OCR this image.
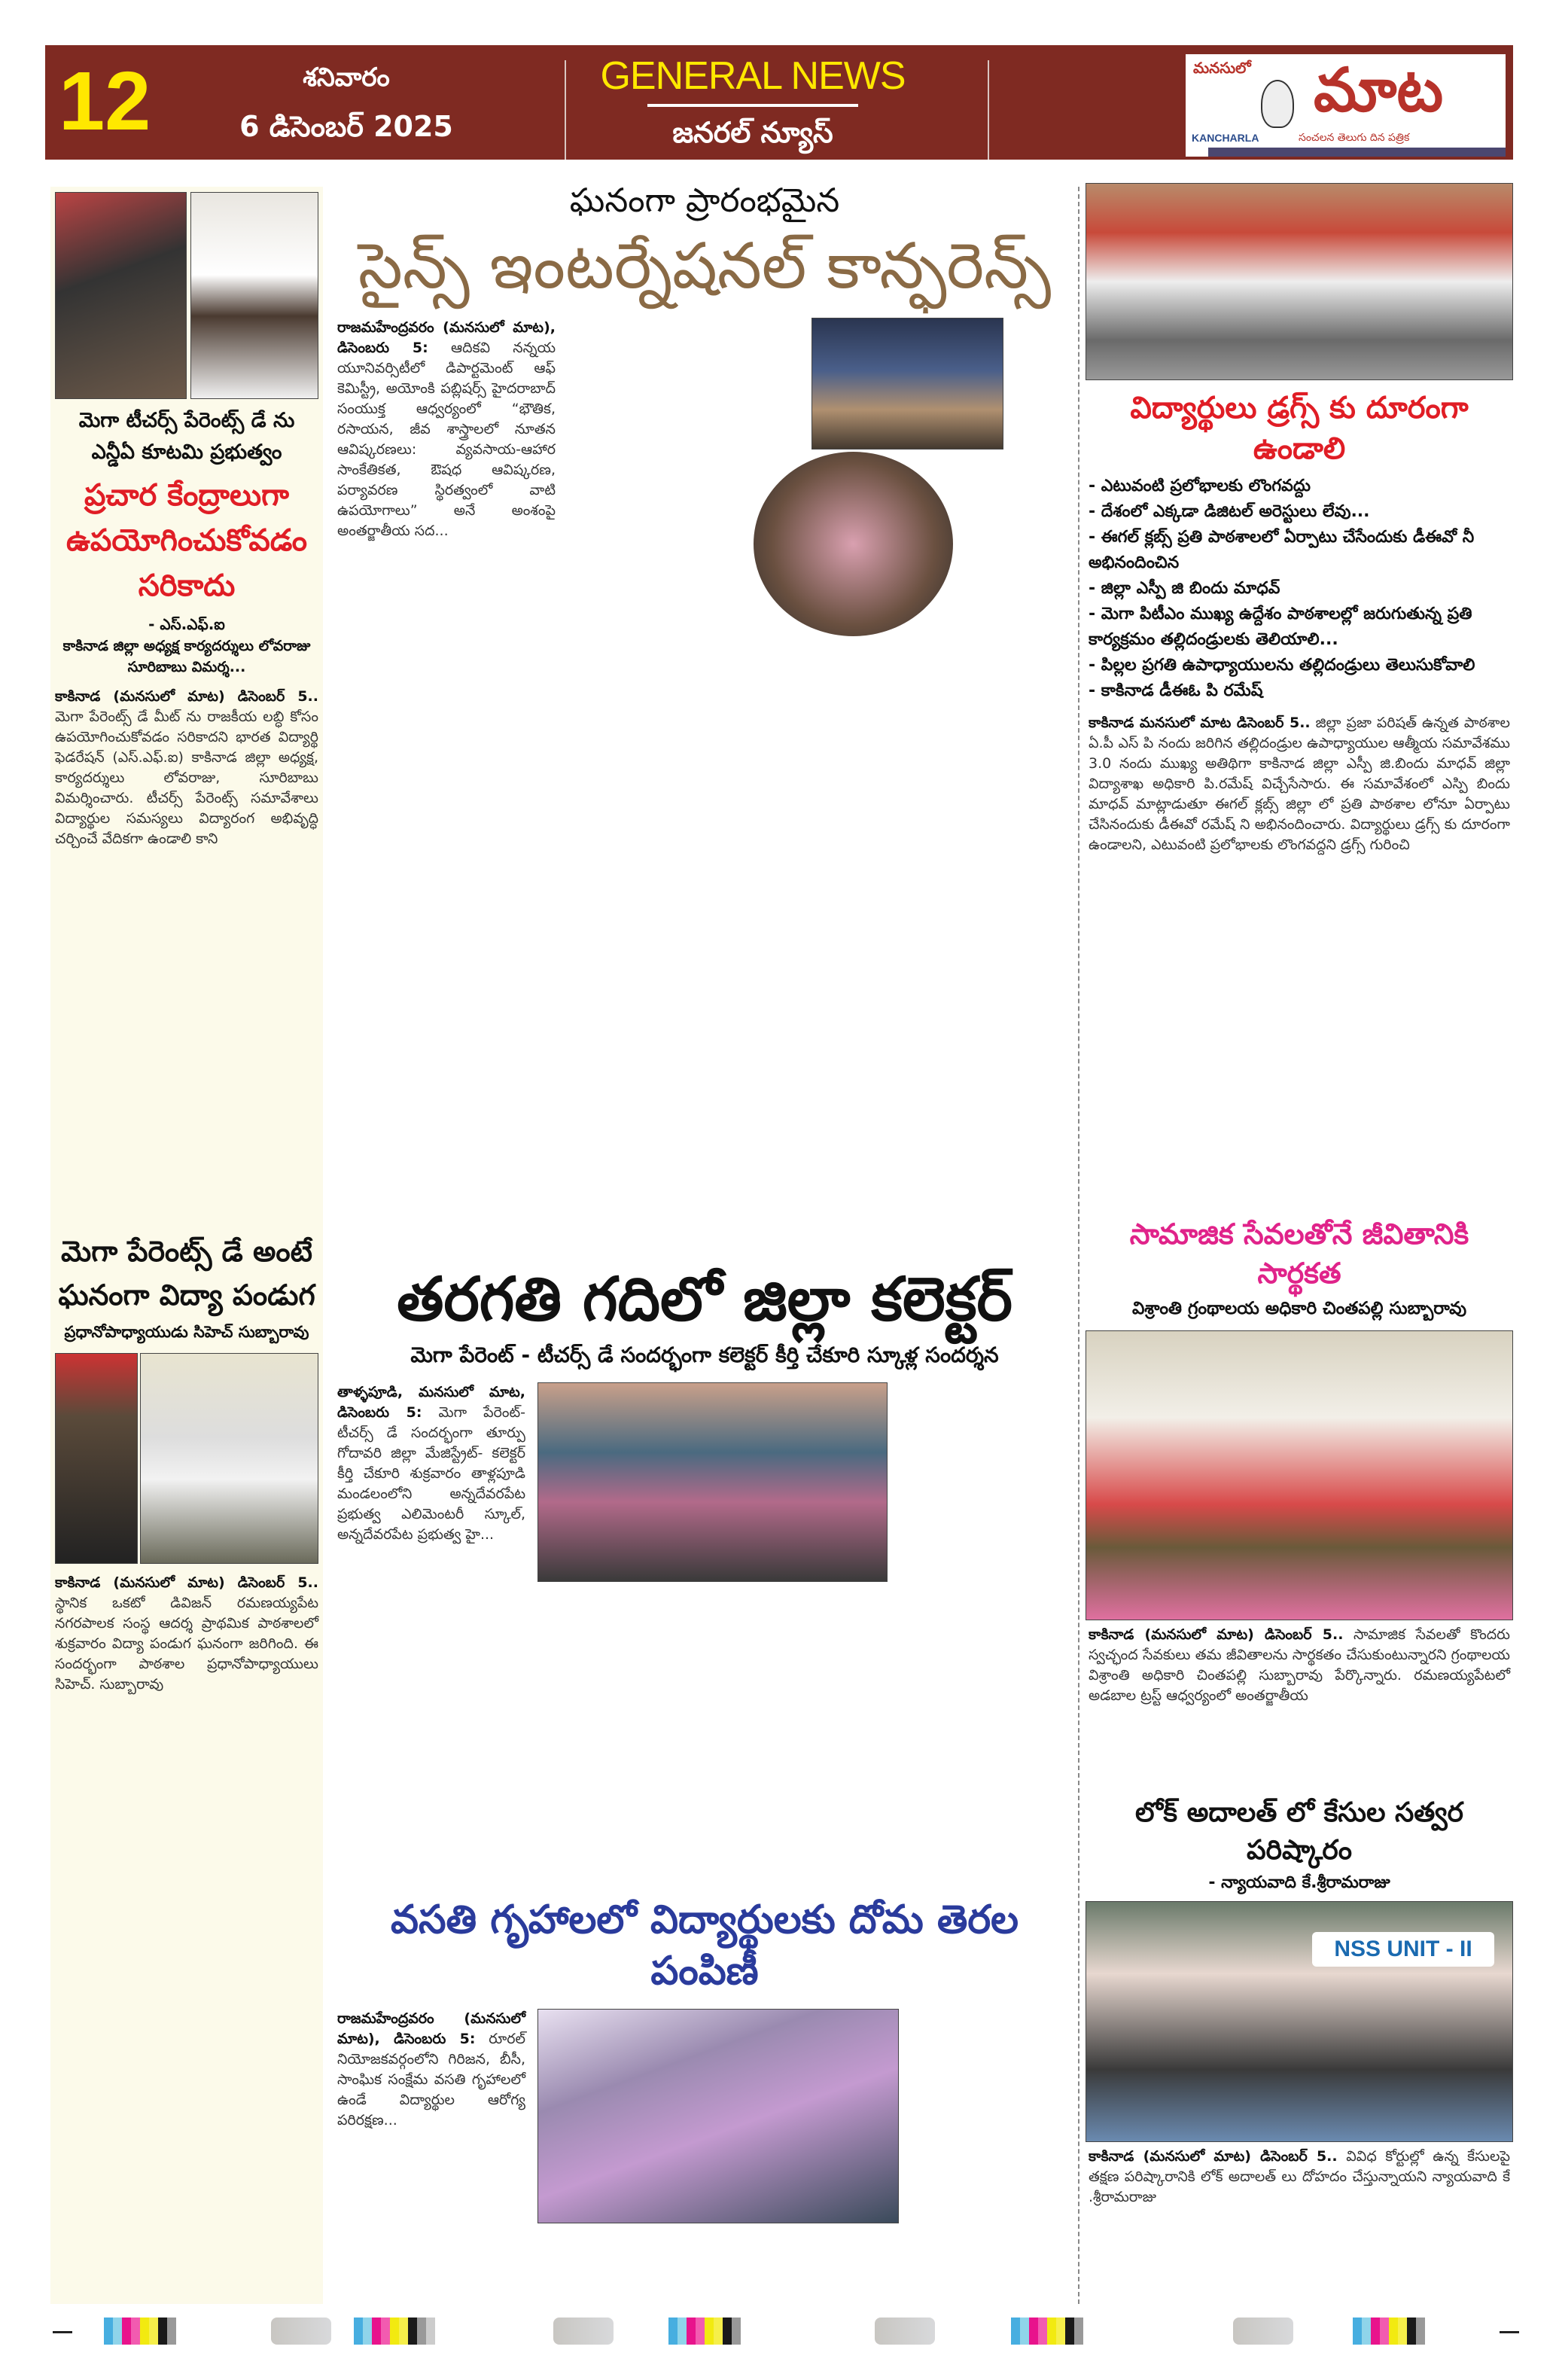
12	శనివారం
6 డిసెంబర్ 2025
GENERAL NEWS
జనరల్ న్యూస్
మనసులో మాట
KANCHARLA	సంచలన తెలుగు దిన పత్రిక
మెగా టీచర్స్ పేరెంట్స్ డే ను ఎన్డీఏ కూటమి ప్రభుత్వం
ప్రచార కేంద్రాలుగా ఉపయోగించుకోవడం సరికాదు
- ఎస్.ఎఫ్.ఐ
కాకినాడ జిల్లా అధ్యక్ష కార్యదర్శులు లోవరాజు సూరిబాబు విమర్శ...
కాకినాడ (మనసులో మాట) డిసెంబర్ 5.. మెగా పేరెంట్స్ డే మీట్ ను రాజకీయ లబ్ధి కోసం ఉపయోగించుకోవడం సరికాదని భారత విద్యార్థి ఫెడరేషన్ (ఎస్.ఎఫ్.ఐ) కాకినాడ జిల్లా అధ్యక్ష, కార్యదర్శులు లోవరాజు, సూరిబాబు విమర్శించారు. టీచర్స్ పేరెంట్స్ సమావేశాలు విద్యార్థుల సమస్యలు విద్యారంగ అభివృద్ధి చర్చించే వేదికగా ఉండాలి కాని
మెగా పేరెంట్స్ డే అంటే ఘనంగా విద్యా పండుగ
ప్రధానోపాధ్యాయుడు సిహెచ్ సుబ్బారావు
కాకినాడ (మనసులో మాట) డిసెంబర్ 5.. స్థానిక ఒకటో డివిజన్ రమణయ్యపేట నగరపాలక సంస్థ ఆదర్శ ప్రాథమిక పాఠశాలలో శుక్రవారం విద్యా పండుగ ఘనంగా జరిగింది. ఈ సందర్భంగా పాఠశాల ప్రధానోపాధ్యాయులు సిహెచ్. సుబ్బారావు
ఘనంగా ప్రారంభమైన
సైన్స్ ఇంటర్నేషనల్ కాన్ఫరెన్స్
రాజమహేంద్రవరం (మనసులో మాట), డిసెంబరు 5: ఆదికవి నన్నయ యూనివర్సిటీలో డిపార్టమెంట్ ఆఫ్ కెమిస్ట్రీ, అయోంకి పబ్లిషర్స్ హైదరాబాద్ సంయుక్త ఆధ్వర్యంలో “భౌతిక, రసాయన, జీవ శాస్త్రాలలో నూతన ఆవిష్కరణలు: వ్యవసాయ-ఆహార సాంకేతికత, ఔషధ ఆవిష్కరణ, పర్యావరణ స్థిరత్వంలో వాటి ఉపయోగాలు” అనే అంశంపై అంతర్జాతీయ సద...
తరగతి గదిలో జిల్లా కలెక్టర్
మెగా పేరెంట్ - టీచర్స్ డే సందర్భంగా కలెక్టర్ కీర్తి చేకూరి స్కూళ్ల సందర్శన
తాళ్ళపూడి, మనసులో మాట, డిసెంబరు 5: మెగా పేరెంట్- టీచర్స్ డే సందర్భంగా తూర్పు గోదావరి జిల్లా మేజిస్ట్రేట్- కలెక్టర్ కీర్తి చేకూరి శుక్రవారం తాళ్లపూడి మండలంలోని అన్నదేవరపేట ప్రభుత్వ ఎలిమెంటరీ స్కూల్, అన్నదేవరపేట ప్రభుత్వ హై...
వసతి గృహాలలో విద్యార్థులకు దోమ తెరల పంపిణీ
రాజమహేంద్రవరం (మనసులో మాట), డిసెంబరు 5: రూరల్ నియోజకవర్గంలోని గిరిజన, బీసీ, సాంఘిక సంక్షేమ వసతి గృహాలలో ఉండే విద్యార్థుల ఆరోగ్య పరిరక్షణ...
విద్యార్థులు డ్రగ్స్ కు దూరంగా ఉండాలి
- ఎటువంటి ప్రలోభాలకు లొంగవద్దు
- దేశంలో ఎక్కడా డిజిటల్ అరెస్టులు లేవు...
- ఈగల్ క్లబ్స్ ప్రతి పాఠశాలలో ఏర్పాటు చేసేందుకు డీఈవో నీ అభినందించిన
- జిల్లా ఎస్పీ జి బిందు మాధవ్
- మెగా పిటీఎం ముఖ్య ఉద్దేశం పాఠశాలల్లో జరుగుతున్న ప్రతి కార్యక్రమం తల్లిదండ్రులకు తెలియాలి...
- పిల్లల ప్రగతి ఉపాధ్యాయులను తల్లిదండ్రులు తెలుసుకోవాలి
- కాకినాడ డీఈఓ పి రమేష్
కాకినాడ మనసులో మాట డిసెంబర్ 5.. జిల్లా ప్రజా పరిషత్ ఉన్నత పాఠశాల ఏ.పీ ఎస్ పి నందు జరిగిన తల్లిదండ్రుల ఉపాధ్యాయుల ఆత్మీయ సమావేశము 3.0 నందు ముఖ్య అతిథిగా కాకినాడ జిల్లా ఎస్పీ జి.బిందు మాధవ్ జిల్లా విద్యాశాఖ అధికారి పి.రమేష్ విచ్చేసేసారు. ఈ సమావేశంలో ఎస్పి బిందు మాధవ్ మాట్లాడుతూ ఈగల్ క్లబ్స్ జిల్లా లో ప్రతి పాఠశాల లోనూ ఏర్పాటు చేసినందుకు డీఈవో రమేష్ ని అభినందించారు. విద్యార్థులు డ్రగ్స్ కు దూరంగా ఉండాలని, ఎటువంటి ప్రలోభాలకు లొంగవద్దని డ్రగ్స్ గురించి
సామాజిక సేవలతోనే జీవితానికి సార్థకత
విశ్రాంతి గ్రంథాలయ అధికారి చింతపల్లి సుబ్బారావు
కాకినాడ (మనసులో మాట) డిసెంబర్ 5.. సామాజిక సేవలతో కొందరు స్వచ్ఛంద సేవకులు తమ జీవితాలను సార్థకతం చేసుకుంటున్నారని గ్రంథాలయ విశ్రాంతి అధికారి చింతపల్లి సుబ్బారావు పేర్కొన్నారు. రమణయ్యపేటలో అడబాల ట్రస్ట్ ఆధ్వర్యంలో అంతర్జాతీయ
లోక్ అదాలత్ లో కేసుల సత్వర పరిష్కారం
- న్యాయవాది కే.శ్రీరామరాజు
NSS UNIT - II
కాకినాడ (మనసులో మాట) డిసెంబర్ 5.. వివిధ కోర్టుల్లో ఉన్న కేసులపై తక్షణ పరిష్కారానికి లోక్ అదాలత్ లు దోహదం చేస్తున్నాయని న్యాయవాది కే .శ్రీరామరాజు
